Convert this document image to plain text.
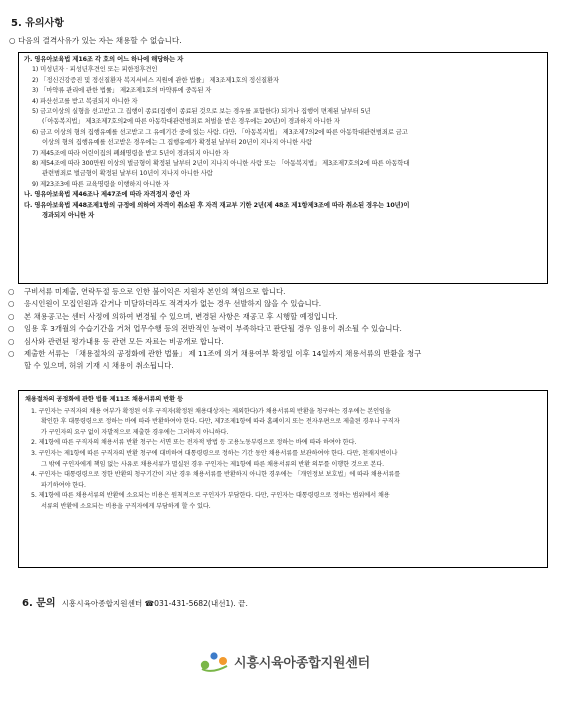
5. 유의사항
○ 다음의 결격사유가 있는 자는 채용할 수 없습니다.
가. 영유아보육법 제16조 각 호의 어느 하나에 해당하는 자
1) 미성년자 · 피성년후견인 또는 피한정후견인
2) 「정신건강증진 및 정신질환자 복지서비스 지원에 관한 법률」 제3조제1호의 정신질환자
3) 「마약류 관리에 관한 법률」 제2조제1호의 마약류에 중독된 자
4) 파산선고를 받고 복권되지 아니한 자
5) 금고이상의 실형을 선고받고 그 집행이 종료(집행이 종료된 것으로 보는 경우를 포함한다) 되거나 집행이 면제된 날부터 5년
(「아동복지법」 제3조제7호의2에 따른 아동학대관련범죄로 처벌을 받은 경우에는 20년)이 경과하지 아니한 자
6) 금고 이상의 형의 집행유예를 선고받고 그 유예기간 중에 있는 사람. 다만, 「아동복지법」 제3조제7의2에 따른 아동학대관련범죄로 금고
이상의 형의 집행유예를 선고받은 경우에는 그 집행유예가 확정된 날부터 20년이 지나지 아니한 사람
7) 제45조에 따라 어린이집의 폐쇄명령을 받고 5년이 경과되지 아니한 자
8) 제54조에 따라 300만원 이상의 벌금형이 확정된 날부터 2년이 지나지 아니한 사람 또는 「아동복지법」 제3조제7호의2에 따른 아동학대
관련범죄로 벌금형이 확정된 날부터 10년이 지나지 아니한 사람
9) 제23조3에 따른 교육명령을 이행하지 아니한 자
나. 영유아보육법 제46조나 제47조에 따라 자격정지 중인 자
다. 영유아보육법 제48조제1항의 규정에 의하여 자격이 취소된 후 자격 재교부 기한 2년(제 48조 제1항제3조에 따라 취소된 경우는 10년)이
경과되지 아니한 자
○	구비서류 미제출, 연락두절 등으로 인한 불이익은 지원자 본인의 책임으로 합니다.
○	응시인원이 모집인원과 같거나 미달하더라도 적격자가 없는 경우 선발하지 않을 수 있습니다.
○	본 채용공고는 센터 사정에 의하여 변경될 수 있으며, 변경된 사항은 재공고 후 시행할 예정입니다.
○	임용 후 3개월의 수습기간을 거쳐 업무수행 등의 전반적인 능력이 부족하다고 판단될 경우 임용이 취소될 수 있습니다.
○	심사와 관련된 평가내용 등 관련 모든 자료는 비공개로 합니다.
○	제출한 서류는 「채용절차의 공정화에 관한 법률」 제 11조에 의거 채용여부 확정일 이후 14일까지 채용서류의 반환을 청구
할 수 있으며, 허위 기재 시 채용이 취소됩니다.
채용절차의 공정화에 관한 법률 제11조 채용서류의 반환 등
1. 구인자는 구직자의 채용 여부가 확정된 이후 구직자(확정된 채용대상자는 제외한다)가 채용서류의 반환을 청구하는 경우에는 본인임을
확인한 후 대통령령으로 정하는 바에 따라 반환하여야 한다. 다만, 제7조제1항에 따라 홈페이지 또는 전자우편으로 제출된 경우나 구직자
가 구인자의 요구 없이 자발적으로 제출한 경우에는 그러하지 아니하다.
2. 제1항에 따른 구직자의 채용서류 반환 청구는 서면 또는 전자적 방법 등 고용노동부령으로 정하는 바에 따라 하여야 한다.
3. 구인자는 제1항에 따른 구직자의 반환 청구에 대비하여 대통령령으로 정하는 기간 동안 채용서류를 보관하여야 한다. 다만, 천재지변이나
그 밖에 구인자에게 책임 없는 사유로 채용서류가 멸실된 경우 구인자는 제1항에 따른 채용서류의 반환 의무를 이행한 것으로 본다.
4. 구인자는 대통령령으로 정한 반환의 청구기간이 지난 경우 채용서류를 반환하지 아니한 경우에는 「개인정보 보호법」에 따라 채용서류를
파기하여야 한다.
5. 제1항에 따른 채용서류의 반환에 소요되는 비용은 원칙적으로 구인자가 부담한다. 다만, 구인자는 대통령령으로 정하는 범위에서 채용
서류의 반환에 소요되는 비용을 구직자에게 부담하게 할 수 있다.
6. 문의 시흥시육아종합지원센터 ☎031-431-5682(내선1). 끝.
시흥시육아종합지원센터
